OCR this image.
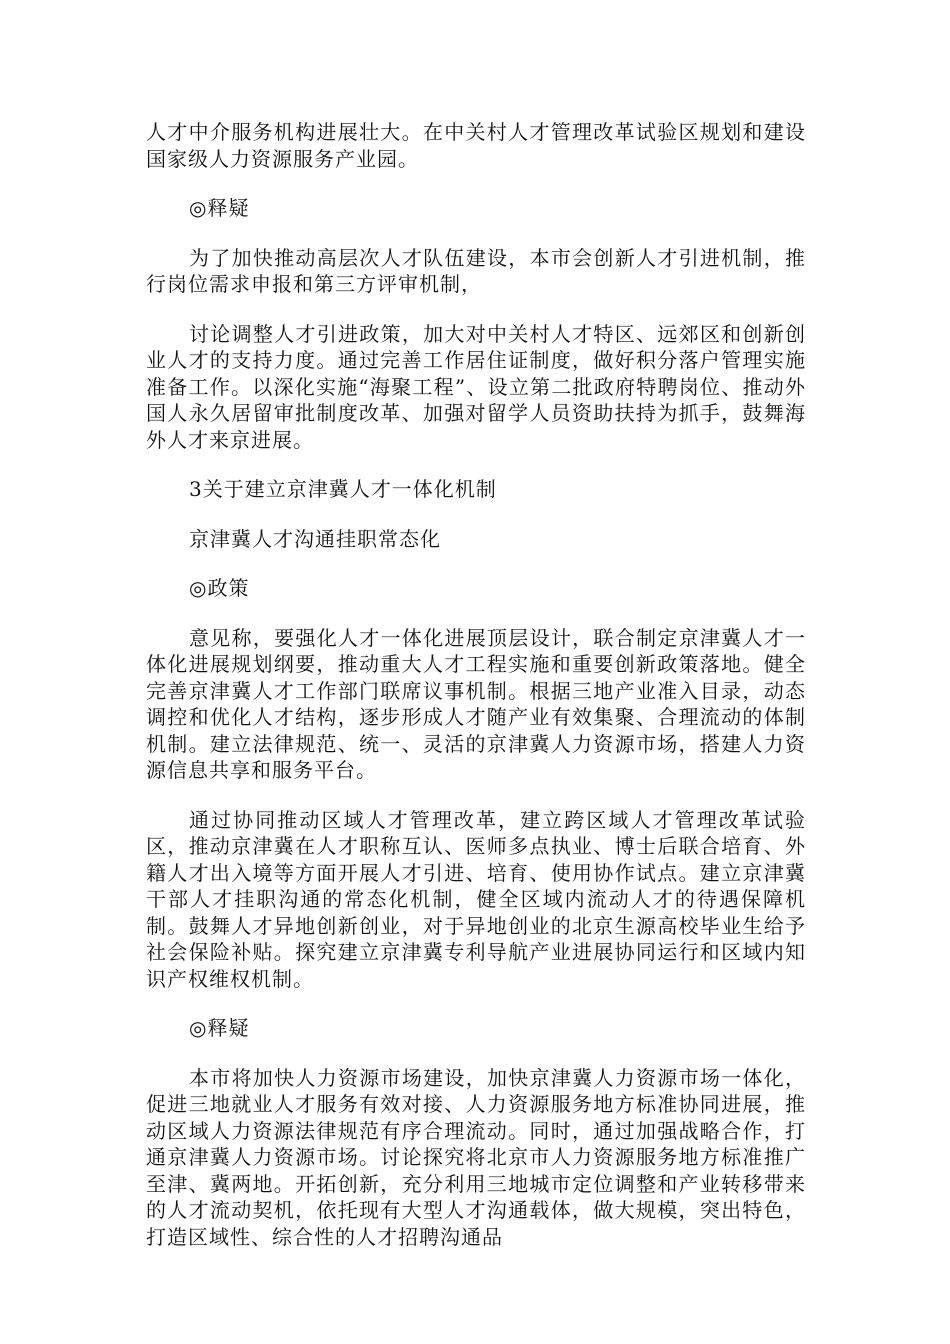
人才中介服务机构进展壮大。在中关村人才管理改革试验区规划和建设国家级人力资源服务产业园。

◎释疑

为了加快推动高层次人才队伍建设，本市会创新人才引进机制，推行岗位需求申报和第三方评审机制，

讨论调整人才引进政策，加大对中关村人才特区、远郊区和创新创业人才的支持力度。通过完善工作居住证制度，做好积分落户管理实施准备工作。以深化实施“海聚工程”、设立第二批政府特聘岗位、推动外国人永久居留审批制度改革、加强对留学人员资助扶持为抓手，鼓舞海外人才来京进展。

3关于建立京津冀人才一体化机制

京津冀人才沟通挂职常态化

◎政策

意见称，要强化人才一体化进展顶层设计，联合制定京津冀人才一体化进展规划纲要，推动重大人才工程实施和重要创新政策落地。健全完善京津冀人才工作部门联席议事机制。根据三地产业准入目录，动态调控和优化人才结构，逐步形成人才随产业有效集聚、合理流动的体制机制。建立法律规范、统一、灵活的京津冀人力资源市场，搭建人力资源信息共享和服务平台。

通过协同推动区域人才管理改革，建立跨区域人才管理改革试验区，推动京津冀在人才职称互认、医师多点执业、博士后联合培育、外籍人才出入境等方面开展人才引进、培育、使用协作试点。建立京津冀干部人才挂职沟通的常态化机制，健全区域内流动人才的待遇保障机制。鼓舞人才异地创新创业，对于异地创业的北京生源高校毕业生给予社会保险补贴。探究建立京津冀专利导航产业进展协同运行和区域内知识产权维权机制。

◎释疑

本市将加快人力资源市场建设，加快京津冀人力资源市场一体化，促进三地就业人才服务有效对接、人力资源服务地方标准协同进展，推动区域人力资源法律规范有序合理流动。同时，通过加强战略合作，打通京津冀人力资源市场。讨论探究将北京市人力资源服务地方标准推广至津、冀两地。开拓创新，充分利用三地城市定位调整和产业转移带来的人才流动契机，依托现有大型人才沟通载体，做大规模，突出特色，打造区域性、综合性的人才招聘沟通品
